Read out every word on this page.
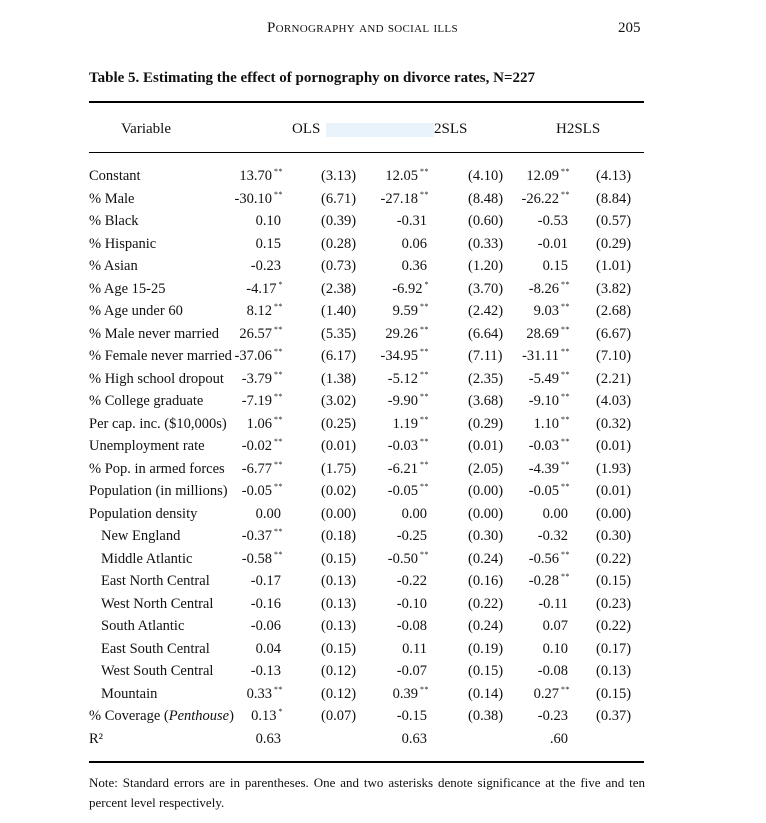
Pornography and social ills	205
Table 5. Estimating the effect of pornography on divorce rates, N=227
Variable	OLS	2SLS	H2SLS
Constant	13.70 **	(3.13) 12.05 **	(4.10) 12.09 ** (4.13)
% Male	-30.10 **	(6.71) -27.18 **	(8.48) -26.22 ** (8.84)
% Black	0.10	(0.39)	-0.31	(0.60) -0.53 (0.57)
% Hispanic	0.15	(0.28)	0.06	(0.33) -0.01 (0.29)
% Asian	-0.23	(0.73)	0.36	(1.20)	0.15 (1.01)
% Age 15-25	-4.17 *	(2.38) -6.92 *	(3.70) -8.26 ** (3.82)
% Age under 60	8.12 **	(1.40)	9.59 **	(2.42) 9.03 ** (2.68)
% Male never married 26.57 **	(5.35) 29.26 **	(6.64) 28.69 ** (6.67)
% Female never married -37.06 **	(6.17) -34.95 **	(7.11) -31.11 ** (7.10)
% High school dropout -3.79 **	(1.38) -5.12 **	(2.35) -5.49 ** (2.21)
% College graduate	-7.19 **	(3.02) -9.90 **	(3.68) -9.10 ** (4.03)
Per cap. inc. ($10,000s) 1.06 **	(0.25)	1.19 **	(0.29) 1.10 ** (0.32)
Unemployment rate	-0.02 **	(0.01) -0.03 **	(0.01) -0.03 ** (0.01)
% Pop. in armed forces -6.77 **	(1.75) -6.21 **	(2.05) -4.39 ** (1.93)
Population (in millions) -0.05 **	(0.02) -0.05 **	(0.00) -0.05 ** (0.01)
Population density	0.00	(0.00)	0.00	(0.00)	0.00 (0.00)
New England	-0.37 **	(0.18)	-0.25	(0.30) -0.32 (0.30)
Middle Atlantic	-0.58 **	(0.15) -0.50 **	(0.24) -0.56 ** (0.22)
East North Central	-0.17	(0.13)	-0.22	(0.16) -0.28 ** (0.15)
West North Central	-0.16	(0.13)	-0.10	(0.22) -0.11 (0.23)
South Atlantic	-0.06	(0.13)	-0.08	(0.24)	0.07 (0.22)
East South Central	0.04	(0.15)	0.11	(0.19)	0.10 (0.17)
West South Central	-0.13	(0.12)	-0.07	(0.15) -0.08 (0.13)
Mountain	0.33 **	(0.12)	0.39 **	(0.14) 0.27 ** (0.15)
% Coverage (Penthouse) 0.13 *	(0.07)	-0.15	(0.38) -0.23 (0.37)
R²	0.63	0.63	.60
Note: Standard errors are in parentheses. One and two asterisks denote significance at the five and ten percent level respectively.
